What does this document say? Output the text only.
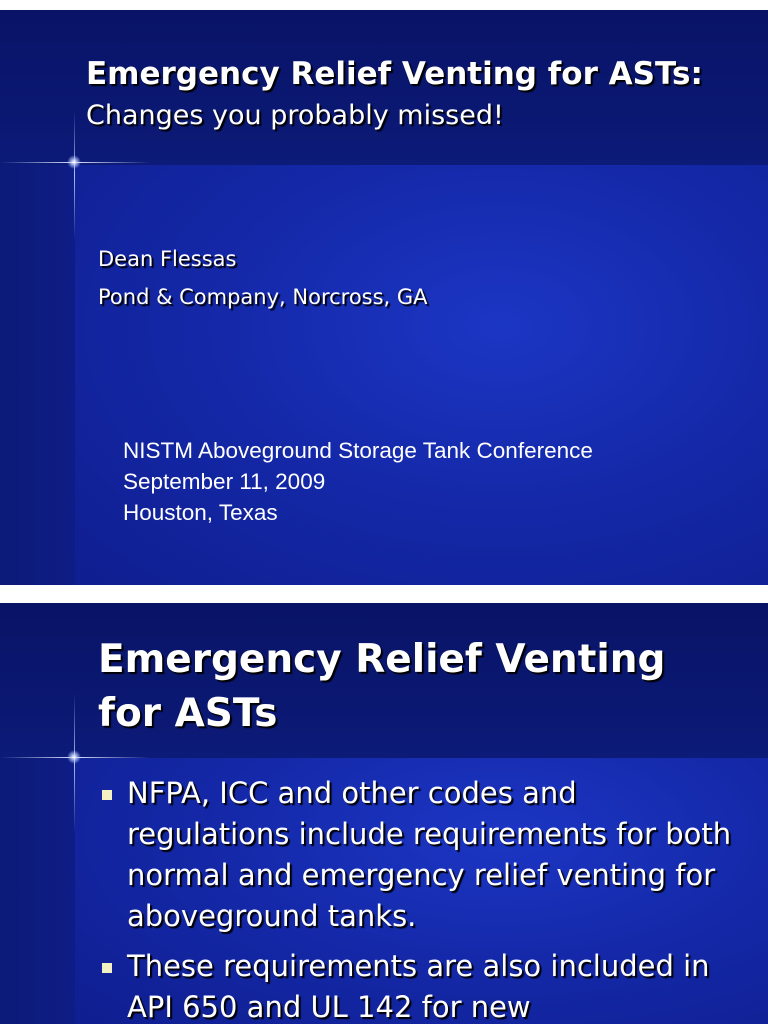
Emergency Relief Venting for ASTs:
Changes you probably missed!
Dean Flessas
Pond & Company, Norcross, GA
NISTM Aboveground Storage Tank Conference
September 11, 2009
Houston, Texas
Emergency Relief Venting
for ASTs
NFPA, ICC and other codes and regulations include requirements for both normal and emergency relief venting for aboveground tanks.
These requirements are also included in API 650 and UL 142 for new
